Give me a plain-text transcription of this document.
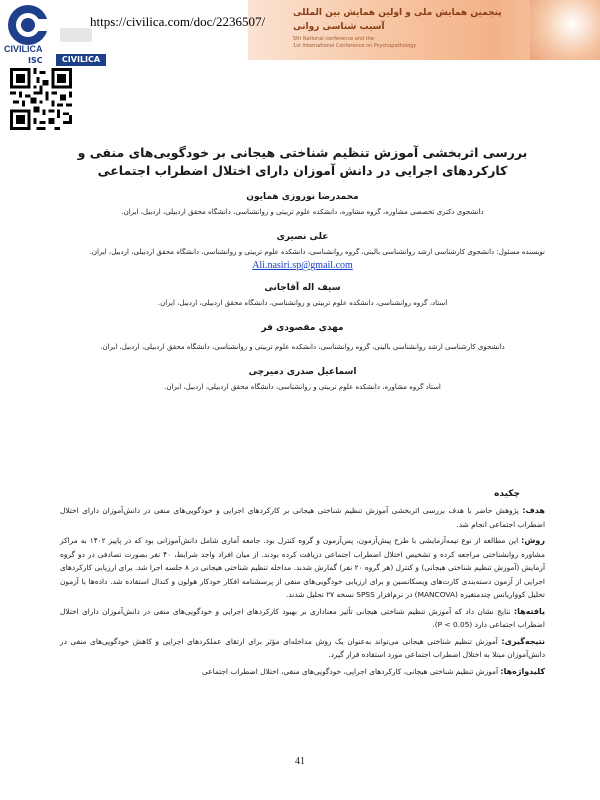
پنجمین همایش ملی و اولین همایش بین المللی
آسیب شناسی روانی
5th National conference and the
1st International Conference on Psychopathology
CIVILICA
ISC	CIVILICA
https://civilica.com/doc/2236507/
بررسی اثربخشی آموزش تنظیم شناختی هیجانی بر خودگویی‌های منفی و کارکردهای اجرایی در دانش آموزان دارای اختلال اضطراب اجتماعی
محمدرضا نوروزی همایون
دانشجوی دکتری تخصصی مشاوره، گروه مشاوره، دانشکده علوم تربیتی و روانشناسی، دانشگاه محقق اردبیلی، اردبیل، ایران.
علی نصیری
نویسنده مسئول: دانشجوی کارشناسی ارشد روانشناسی بالینی، گروه روانشناسی، دانشکده علوم تربیتی و روانشناسی، دانشگاه محقق اردبیلی، اردبیل، ایران.
Ali.nasiri.sp@gmail.com
سیف اله آقاجانی
استاد، گروه روانشناسی، دانشکده علوم تربیتی و روانشناسی، دانشگاه محقق اردبیلی، اردبیل، ایران.
مهدی مقصودی فر
دانشجوی کارشناسی ارشد روانشناسی بالینی، گروه روانشناسی، دانشکده علوم تربیتی و روانشناسی، دانشگاه محقق اردبیلی، اردبیل، ایران.
اسماعیل صدری دمیرچی
استاد گروه مشاوره، دانشکده علوم تربیتی و روانشناسی، دانشگاه محقق اردبیلی، اردبیل، ایران.
چکیده

هدف: پژوهش حاضر با هدف بررسی اثربخشی آموزش تنظیم شناختی هیجانی بر کارکردهای اجرایی و خودگویی‌های منفی در دانش‌آموزان دارای اختلال اضطراب اجتماعی انجام شد.

روش: این مطالعه از نوع نیمه‌آزمایشی با طرح پیش‌آزمون، پس‌آزمون و گروه کنترل بود. جامعه آماری شامل دانش‌آموزانی بود که در پاییز ۱۴۰۲ به مراکز مشاوره روانشناختی مراجعه کرده و تشخیص اختلال اضطراب اجتماعی دریافت کرده بودند. از میان افراد واجد شرایط، ۴۰ نفر بصورت تصادفی در دو گروه آزمایش (آموزش تنظیم شناختی هیجانی) و کنترل (هر گروه ۲۰ نفر) گمارش شدند. مداخله تنظیم شناختی هیجانی در ۸ جلسه اجرا شد. برای ارزیابی کارکردهای اجرایی از آزمون دسته‌بندی کارت‌های ویسکانسین و برای ارزیابی خودگویی‌های منفی از پرسشنامه افکار خودکار هولون و کندال استفاده شد. داده‌ها با آزمون تحلیل کوواریانس چندمتغیره (MANCOVA) در نرم‌افزار SPSS نسخه ۲۷ تحلیل شدند.

یافته‌ها: نتایج نشان داد که آموزش تنظیم شناختی هیجانی تأثیر معناداری بر بهبود کارکردهای اجرایی و خودگویی‌های منفی در دانش‌آموزان دارای اختلال اضطراب اجتماعی دارد (P < 0.05).

نتیجه‌گیری: آموزش تنظیم شناختی هیجانی می‌تواند به‌عنوان یک روش مداخله‌ای مؤثر برای ارتقای عملکردهای اجرایی و کاهش خودگویی‌های منفی در دانش‌آموزان مبتلا به اختلال اضطراب اجتماعی مورد استفاده قرار گیرد.

کلیدواژه‌ها: آموزش تنظیم شناختی هیجانی، کارکردهای اجرایی، خودگویی‌های منفی، اختلال اضطراب اجتماعی

41
